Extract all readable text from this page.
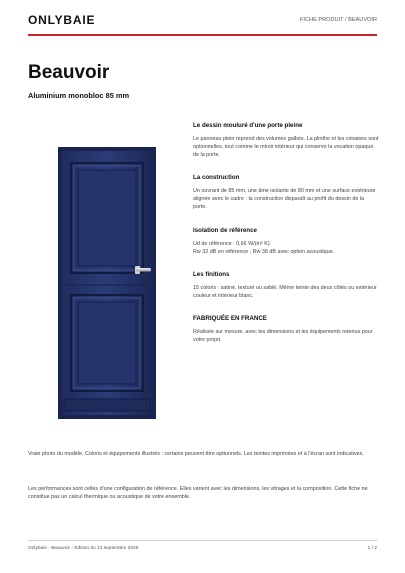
ONLYBAIE	FICHE PRODUIT / BEAUVOIR
Beauvoir
Aluminium monobloc 85 mm

Le dessin mouluré d'une porte pleine

Le panneau plein reprend des volumes galbés. La plinthe et les cimaises sont optionnelles, tout comme le miroir intérieur qui conserve la vocation opaque de la porte.

La construction

Un ouvrant de 85 mm, une âme isolante de 80 mm et une surface extérieure alignée avec le cadre : la construction disparaît au profit du dessin de la porte.

Isolation de référence

Ud de référence : 0,66 W/(m² K).

Rw 32 dB en référence ; Rw 38 dB avec option acoustique.

Les finitions

15 coloris : satiné, texturé ou sablé. Même teinte des deux côtés ou extérieur couleur et intérieur blanc.

FABRIQUÉE EN FRANCE

Réalisée sur mesure, avec les dimensions et les équipements retenus pour votre projet.

Vraie photo du modèle. Coloris et équipements illustrés : certains peuvent être optionnels. Les teintes imprimées et à l'écran sont indicatives.

Les performances sont celles d'une configuration de référence. Elles varient avec les dimensions, les vitrages et la composition. Cette fiche ne constitue pas un calcul thermique ou acoustique de votre ensemble.

Onlybaie - Beauvoir - Édition du 13 septembre 2026	1 / 2
